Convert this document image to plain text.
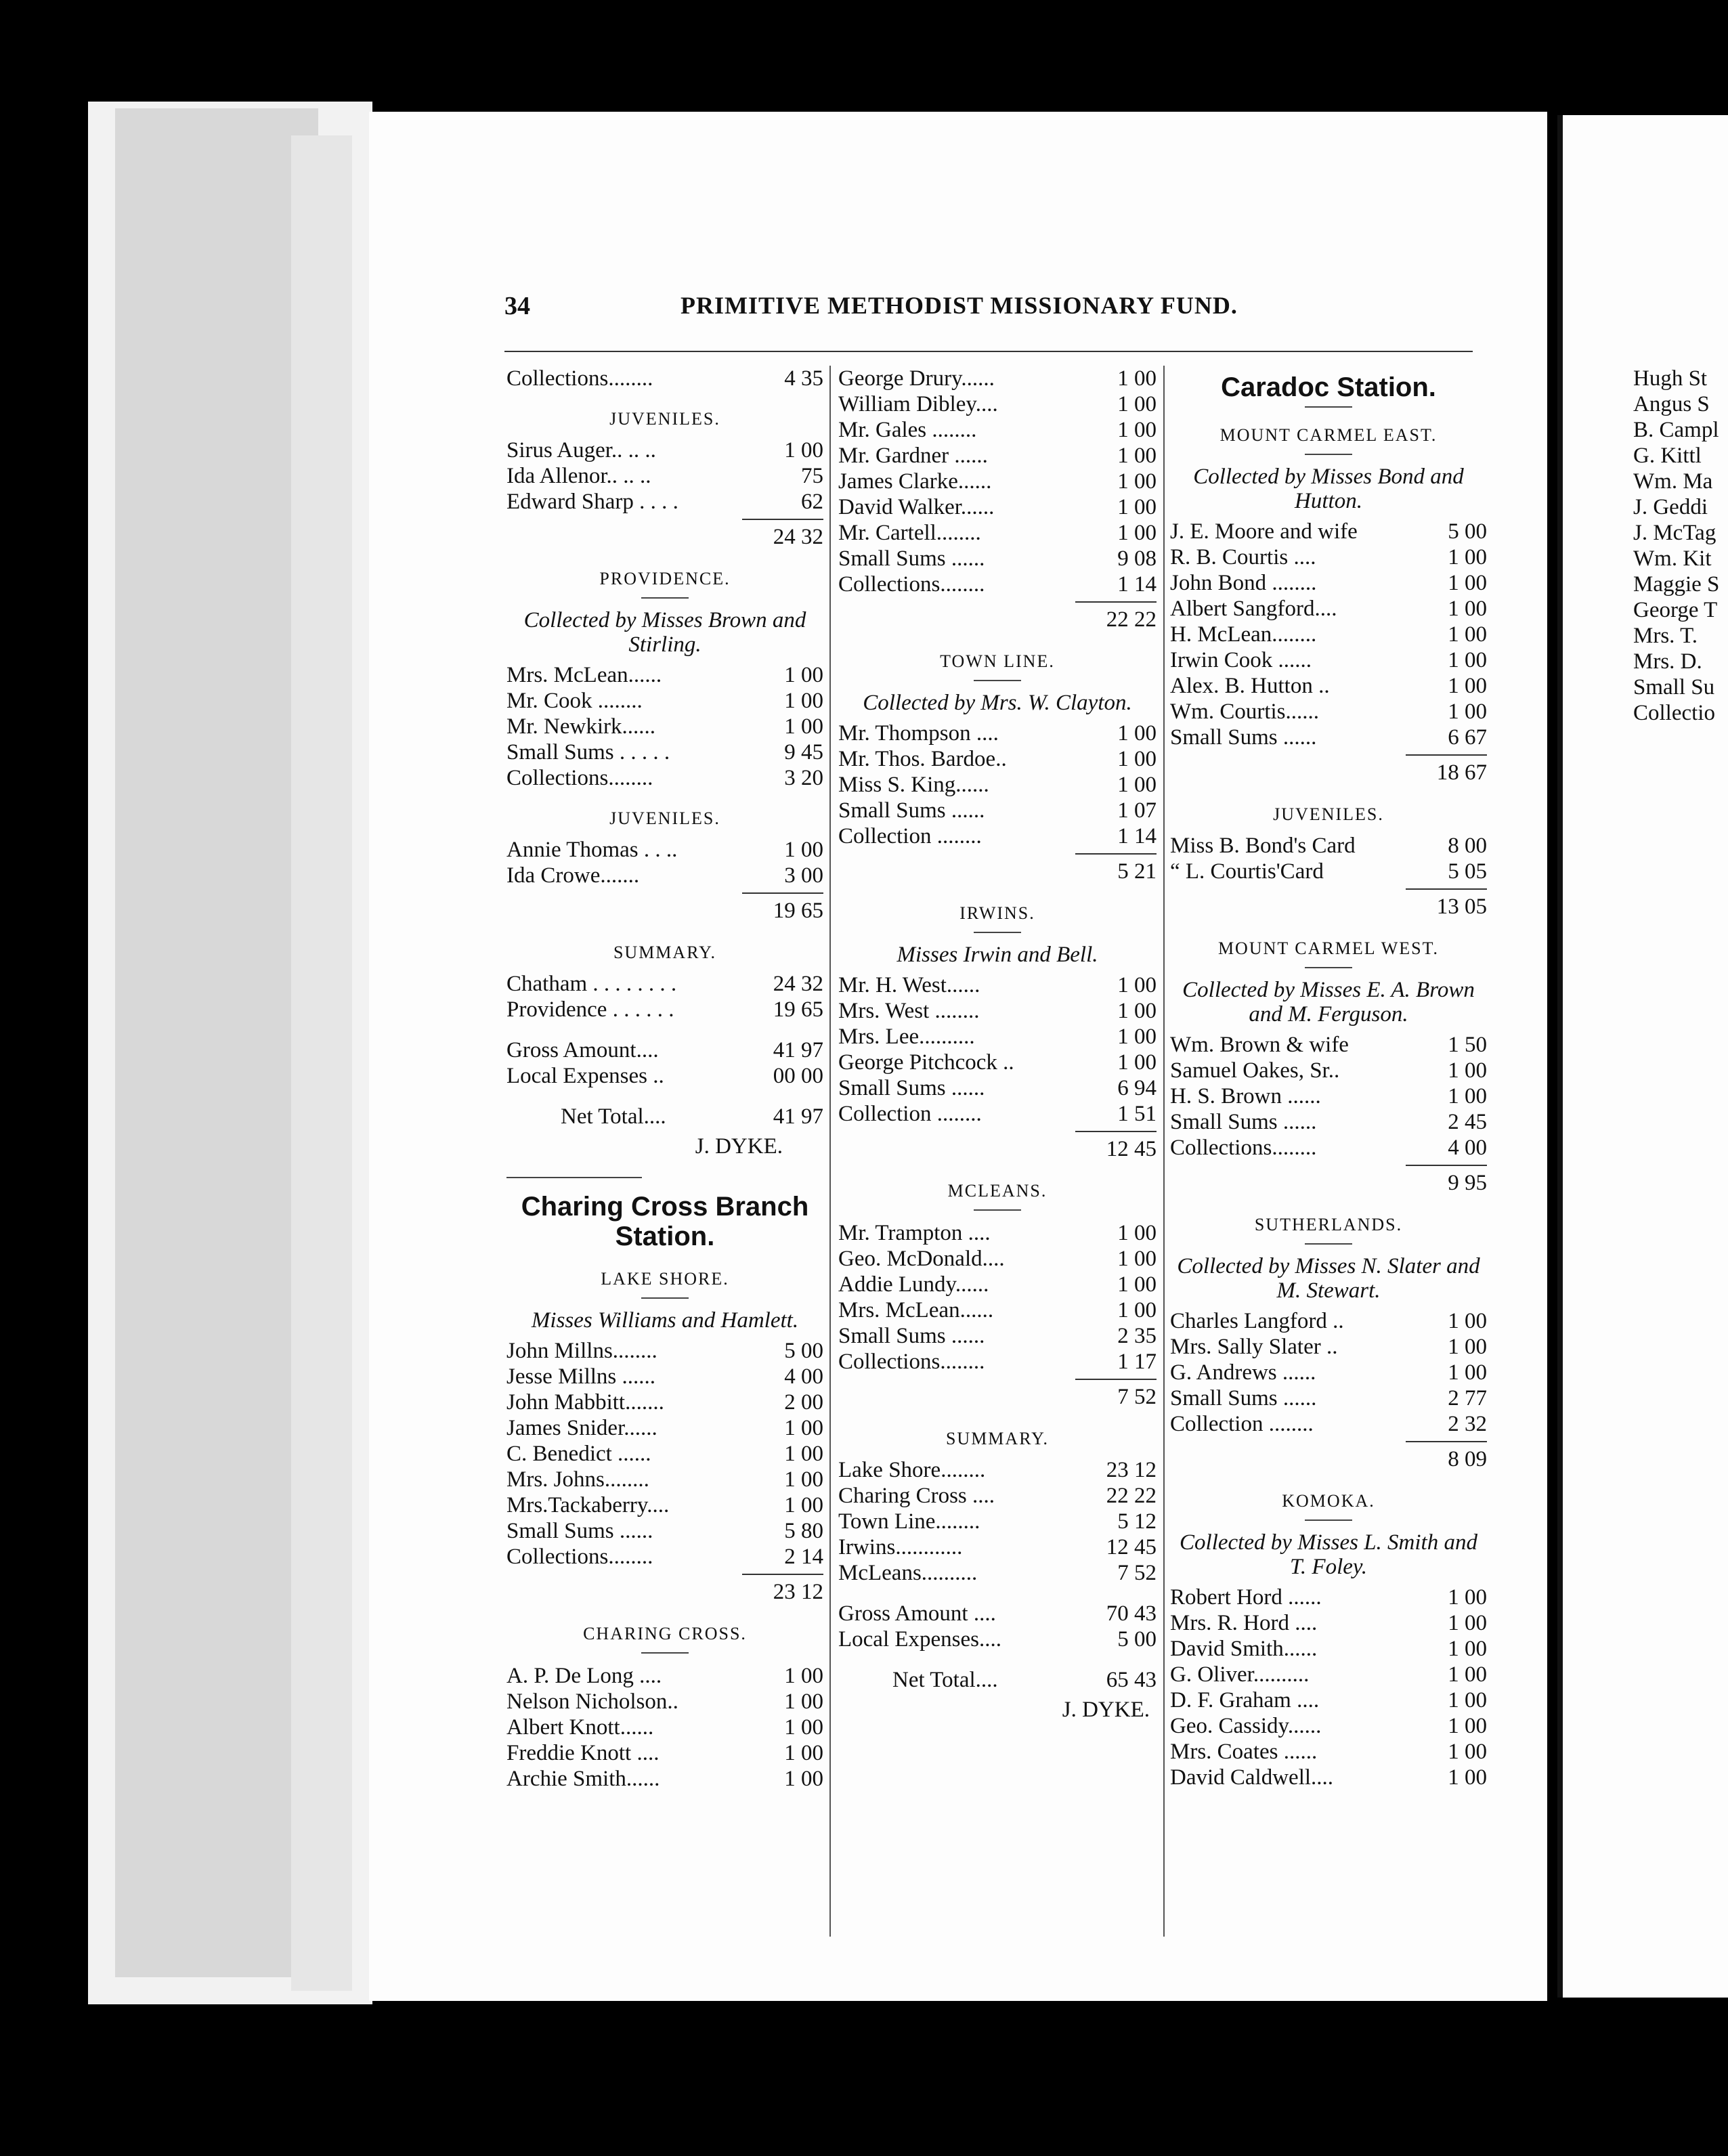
34	PRIMITIVE METHODIST MISSIONARY FUND.
Collections........	4 35
JUVENILES.
Sirus Auger.. .. ..	1 00
Ida Allenor.. .. ..	75
Edward Sharp . . . .	62
24 32
PROVIDENCE.
Collected by Misses Brown and Stirling.
Mrs. McLean......	1 00
Mr. Cook ........	1 00
Mr. Newkirk......	1 00
Small Sums . . . . .	9 45
Collections........	3 20
JUVENILES.
Annie Thomas . . ..	1 00
Ida Crowe.......	3 00
19 65
SUMMARY.
Chatham . . . . . . . .	24 32
Providence . . . . . .	19 65
Gross Amount....	41 97
Local Expenses ..	00 00
Net Total....	41 97
J. DYKE.
Charing Cross Branch Station.
LAKE SHORE.
Misses Williams and Hamlett.
John Millns........	5 00
Jesse Millns ......	4 00
John Mabbitt.......	2 00
James Snider......	1 00
C. Benedict ......	1 00
Mrs. Johns........	1 00
Mrs.Tackaberry....	1 00
Small Sums ......	5 80
Collections........	2 14
23 12
CHARING CROSS.
A. P. De Long ....	1 00
Nelson Nicholson..	1 00
Albert Knott......	1 00
Freddie Knott ....	1 00
Archie Smith......	1 00
George Drury......	1 00
William Dibley....	1 00
Mr. Gales ........	1 00
Mr. Gardner ......	1 00
James Clarke......	1 00
David Walker......	1 00
Mr. Cartell........	1 00
Small Sums ......	9 08
Collections........	1 14
22 22
TOWN LINE.
Collected by Mrs. W. Clayton.
Mr. Thompson ....	1 00
Mr. Thos. Bardoe..	1 00
Miss S. King......	1 00
Small Sums ......	1 07
Collection ........	1 14
5 21
IRWINS.
Misses Irwin and Bell.
Mr. H. West......	1 00
Mrs. West ........	1 00
Mrs. Lee..........	1 00
George Pitchcock ..	1 00
Small Sums ......	6 94
Collection ........	1 51
12 45
MCLEANS.
Mr. Trampton ....	1 00
Geo. McDonald....	1 00
Addie Lundy......	1 00
Mrs. McLean......	1 00
Small Sums ......	2 35
Collections........	1 17
7 52
SUMMARY.
Lake Shore........	23 12
Charing Cross ....	22 22
Town Line........	5 12
Irwins............	12 45
McLeans..........	7 52
Gross Amount ....	70 43
Local Expenses....	5 00
Net Total....	65 43
J. DYKE.
Caradoc Station.
MOUNT CARMEL EAST.
Collected by Misses Bond and Hutton.
J. E. Moore and wife	5 00
R. B. Courtis ....	1 00
John Bond ........	1 00
Albert Sangford....	1 00
H. McLean........	1 00
Irwin Cook ......	1 00
Alex. B. Hutton ..	1 00
Wm. Courtis......	1 00
Small Sums ......	6 67
18 67
JUVENILES.
Miss B. Bond's Card	8 00
“ L. Courtis'Card	5 05
13 05
MOUNT CARMEL WEST.
Collected by Misses E. A. Brown and M. Ferguson.
Wm. Brown & wife	1 50
Samuel Oakes, Sr..	1 00
H. S. Brown ......	1 00
Small Sums ......	2 45
Collections........	4 00
9 95
SUTHERLANDS.
Collected by Misses N. Slater and M. Stewart.
Charles Langford ..	1 00
Mrs. Sally Slater ..	1 00
G. Andrews ......	1 00
Small Sums ......	2 77
Collection ........	2 32
8 09
KOMOKA.
Collected by Misses L. Smith and T. Foley.
Robert Hord ......	1 00
Mrs. R. Hord ....	1 00
David Smith......	1 00
G. Oliver..........	1 00
D. F. Graham ....	1 00
Geo. Cassidy......	1 00
Mrs. Coates ......	1 00
David Caldwell....	1 00
Hugh St
Angus S
B. Campl
G. Kittl
Wm. Ma
J. Geddi
J. McTag
Wm. Kit
Maggie S
George T
Mrs. T.
Mrs. D.
Small Su
Collectio
